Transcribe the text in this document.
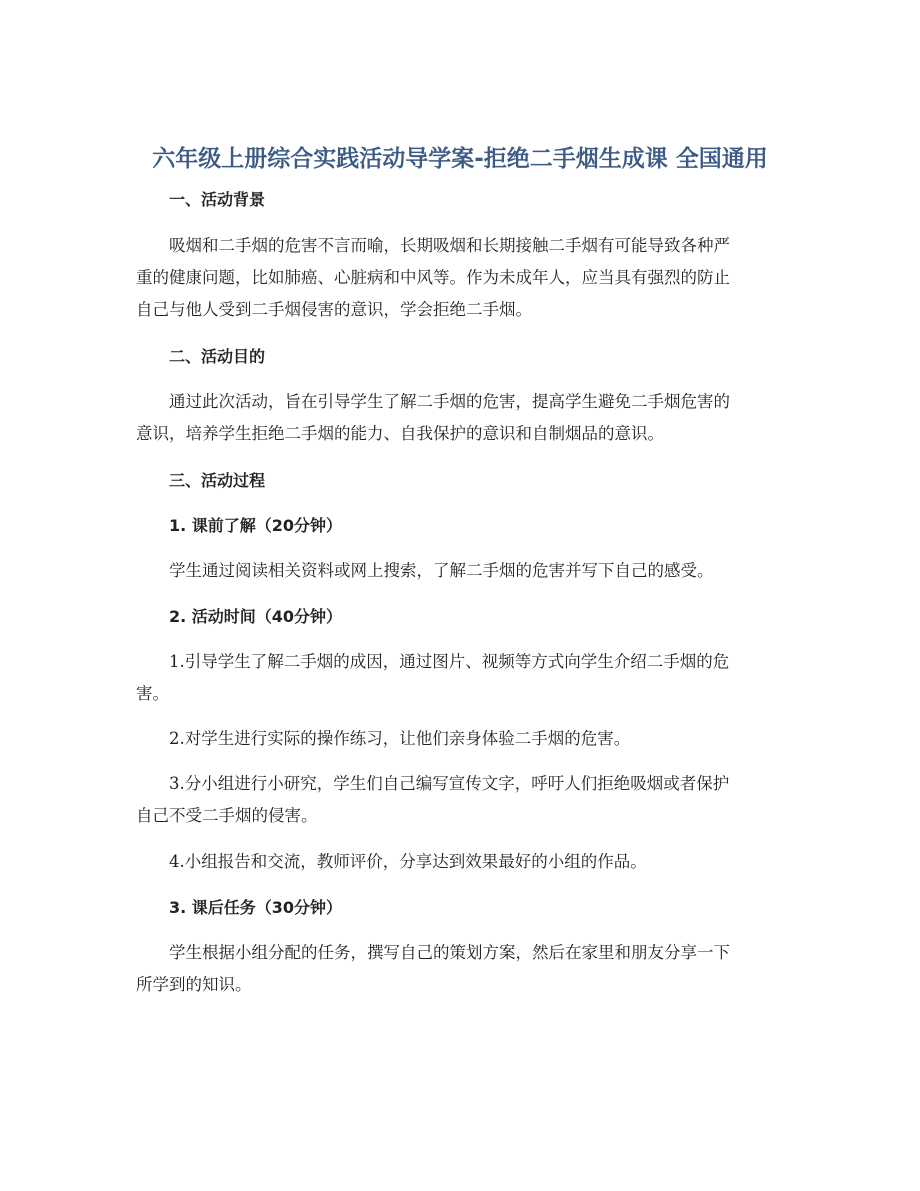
六年级上册综合实践活动导学案-拒绝二手烟生成课 全国通用
一、活动背景
吸烟和二手烟的危害不言而喻，长期吸烟和长期接触二手烟有可能导致各种严
重的健康问题，比如肺癌、心脏病和中风等。作为未成年人，应当具有强烈的防止
自己与他人受到二手烟侵害的意识，学会拒绝二手烟。
二、活动目的
通过此次活动，旨在引导学生了解二手烟的危害，提高学生避免二手烟危害的
意识，培养学生拒绝二手烟的能力、自我保护的意识和自制烟品的意识。
三、活动过程
1. 课前了解（20分钟）
学生通过阅读相关资料或网上搜索，了解二手烟的危害并写下自己的感受。
2. 活动时间（40分钟）
1.引导学生了解二手烟的成因，通过图片、视频等方式向学生介绍二手烟的危
害。
2.对学生进行实际的操作练习，让他们亲身体验二手烟的危害。
3.分小组进行小研究，学生们自己编写宣传文字，呼吁人们拒绝吸烟或者保护
自己不受二手烟的侵害。
4.小组报告和交流，教师评价，分享达到效果最好的小组的作品。
3. 课后任务（30分钟）
学生根据小组分配的任务，撰写自己的策划方案，然后在家里和朋友分享一下
所学到的知识。
